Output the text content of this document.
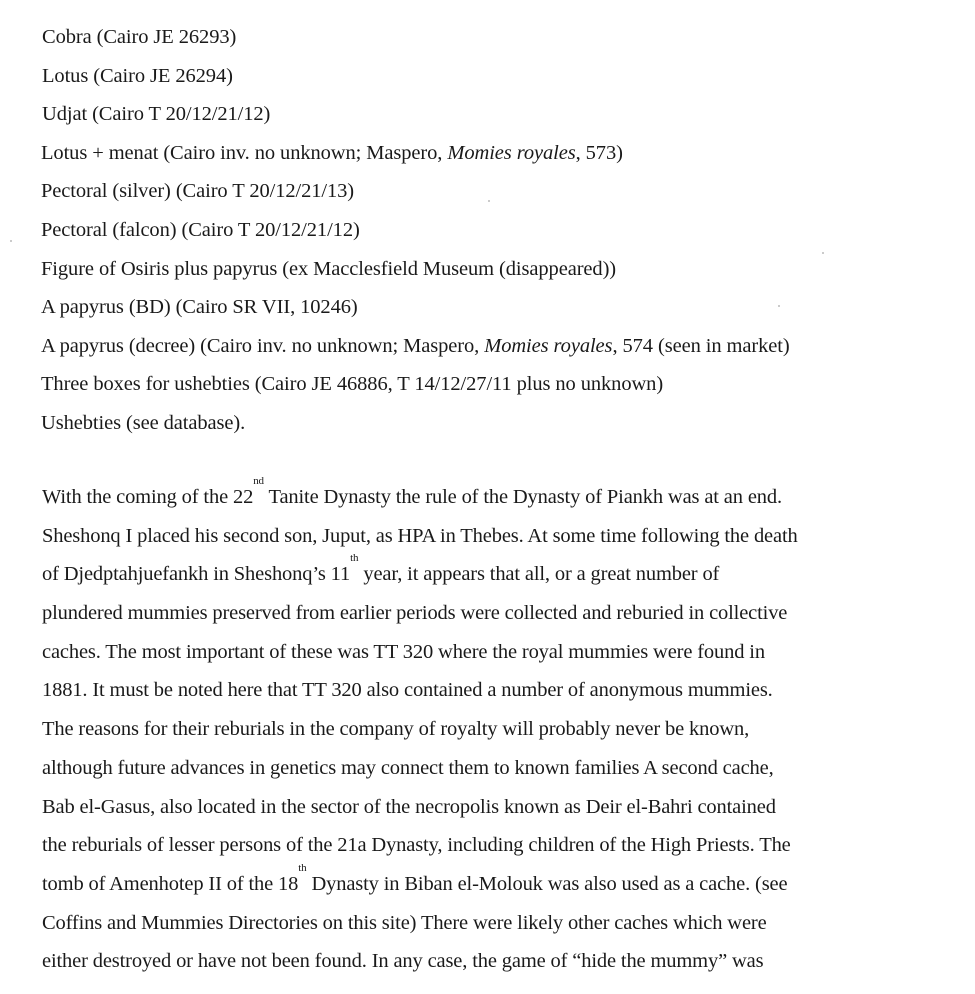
Cobra (Cairo JE 26293)
Lotus (Cairo JE 26294)
Udjat (Cairo T 20/12/21/12)
Lotus + menat (Cairo inv. no unknown; Maspero, Momies royales, 573)
Pectoral (silver) (Cairo T 20/12/21/13)
Pectoral (falcon) (Cairo T 20/12/21/12)
Figure of Osiris plus papyrus (ex Macclesfield Museum (disappeared))
A papyrus (BD) (Cairo SR VII, 10246)
A papyrus (decree) (Cairo inv. no unknown; Maspero, Momies royales, 574 (seen in market)
Three boxes for ushebties (Cairo JE 46886, T 14/12/27/11 plus no unknown)
Ushebties (see database).

With the coming of the 22nd Tanite Dynasty the rule of the Dynasty of Piankh was at an end.
Sheshonq I placed his second son, Juput, as HPA in Thebes. At some time following the death
of Djedptahjuefankh in Sheshonq’s 11th year, it appears that all, or a great number of
plundered mummies preserved from earlier periods were collected and reburied in collective
caches. The most important of these was TT 320 where the royal mummies were found in
1881. It must be noted here that TT 320 also contained a number of anonymous mummies.
The reasons for their reburials in the company of royalty will probably never be known,
although future advances in genetics may connect them to known families A second cache,
Bab el-Gasus, also located in the sector of the necropolis known as Deir el-Bahri contained
the reburials of lesser persons of the 21a Dynasty, including children of the High Priests. The
tomb of Amenhotep II of the 18th Dynasty in Biban el-Molouk was also used as a cache. (see
Coffins and Mummies Directories on this site) There were likely other caches which were
either destroyed or have not been found. In any case, the game of “hide the mummy” was
